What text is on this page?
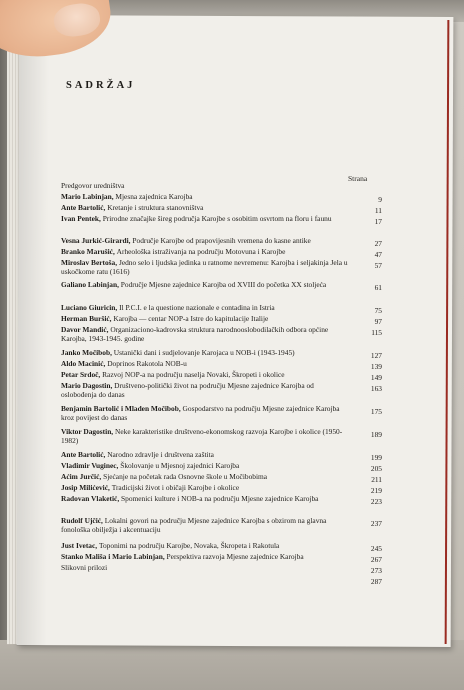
SADRŽAJ
Strana
Predgovor uredništva
Mario Labinjan, Mjesna zajednica Karojba	9
Ante Bartolić, Kretanje i struktura stanovništva	11
Ivan Pentek, Prirodne značajke šireg područja Karojbe s osobitim osvrtom na floru i faunu	17
Vesna Jurkić-Girardi, Područje Karojbe od prapovijesnih vremena do kasne antike	27
Branko Marušić, Arheološka istraživanja na području Motovuna i Karojbe	47
Miroslav Bertoša, Jedno selo i ljudska jedinka u ratnome nevremenu: Karojba i seljakinja Jela u uskočkome ratu (1616)
57
Galiano Labinjan, Područje Mjesne zajednice Karojba od XVIII do početka XX stoljeća	61
Luciano Giuricin, Il P.C.I. e la questione nazionale e contadina in Istria	75
Herman Buršić, Karojba — centar NOP-a Istre do kapitulacije Italije	97
Davor Mandić, Organizaciono-kadrovska struktura narodnooslobodilačkih odbora općine Karojba, 1943-1945. godine
115
Janko Močibob, Ustanički dani i sudjelovanje Karojaca u NOB-i (1943-1945)	127
Aldo Macinić, Doprinos Rakotola NOB-u	139
Petar Srdoč, Razvoj NOP-a na području naselja Novaki, Škropeti i okolice	149
Mario Dagostin, Društveno-politički život na području Mjesne zajednice Karojba od oslobođenja do danas
163
Benjamin Bartolić i Mladen Močibob, Gospodarstvo na području Mjesne zajednice Karojba kroz povijest do danas
175
Viktor Dagostin, Neke karakteristike društveno-ekonomskog razvoja Karojbe i okolice (1950-1982)
189
Ante Bartolić, Narodno zdravlje i društvena zaštita	199
Vladimir Vuginec, Školovanje u Mjesnoj zajednici Karojba	205
Aćim Jurčić, Sjećanje na početak rada Osnovne škole u Močibobima	211
Josip Milićević, Tradicijski život i običaji Karojbe i okolice	219
Radovan Vlaketić, Spomenici kulture i NOB-a na području Mjesne zajednice Karojba	223
Rudolf Ujčić, Lokalni govori na području Mjesne zajednice Karojba s obzirom na glavna fonološka obilježja i akcentuaciju
237
Just Ivetac, Toponimi na području Karojbe, Novaka, Škropeta i Rakotula	245
Stanko Mališa i Mario Labinjan, Perspektiva razvoja Mjesne zajednice Karojba	267
Slikovni prilozi	273
287
